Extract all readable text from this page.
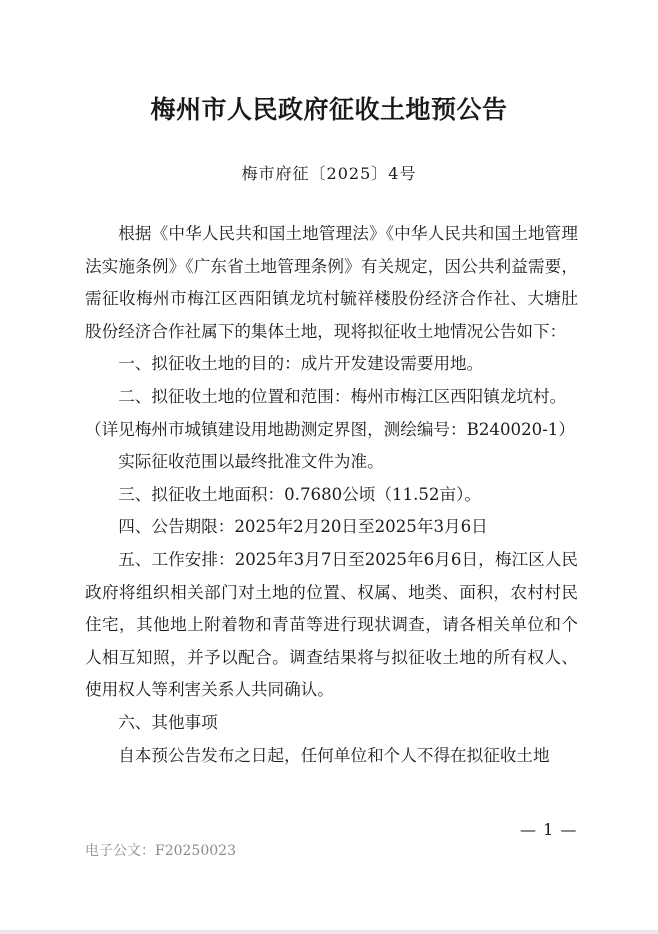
梅州市人民政府征收土地预公告
梅市府征〔2025〕4号

根据《中华人民共和国土地管理法》《中华人民共和国土地管理法实施条例》《广东省土地管理条例》有关规定，因公共利益需要，需征收梅州市梅江区西阳镇龙坑村毓祥楼股份经济合作社、大塘肚股份经济合作社属下的集体土地，现将拟征收土地情况公告如下：

一、拟征收土地的目的：成片开发建设需要用地。

二、拟征收土地的位置和范围：梅州市梅江区西阳镇龙坑村。

（详见梅州市城镇建设用地勘测定界图，测绘编号：B240020-1）

实际征收范围以最终批准文件为准。

三、拟征收土地面积：0.7680公顷（11.52亩）。

四、公告期限：2025年2月20日至2025年3月6日

五、工作安排：2025年3月7日至2025年6月6日，梅江区人民政府将组织相关部门对土地的位置、权属、地类、面积，农村村民住宅，其他地上附着物和青苗等进行现状调查，请各相关单位和个人相互知照，并予以配合。调查结果将与拟征收土地的所有权人、使用权人等利害关系人共同确认。

六、其他事项

自本预公告发布之日起，任何单位和个人不得在拟征收土地

— 1 —
电子公文：F20250023
